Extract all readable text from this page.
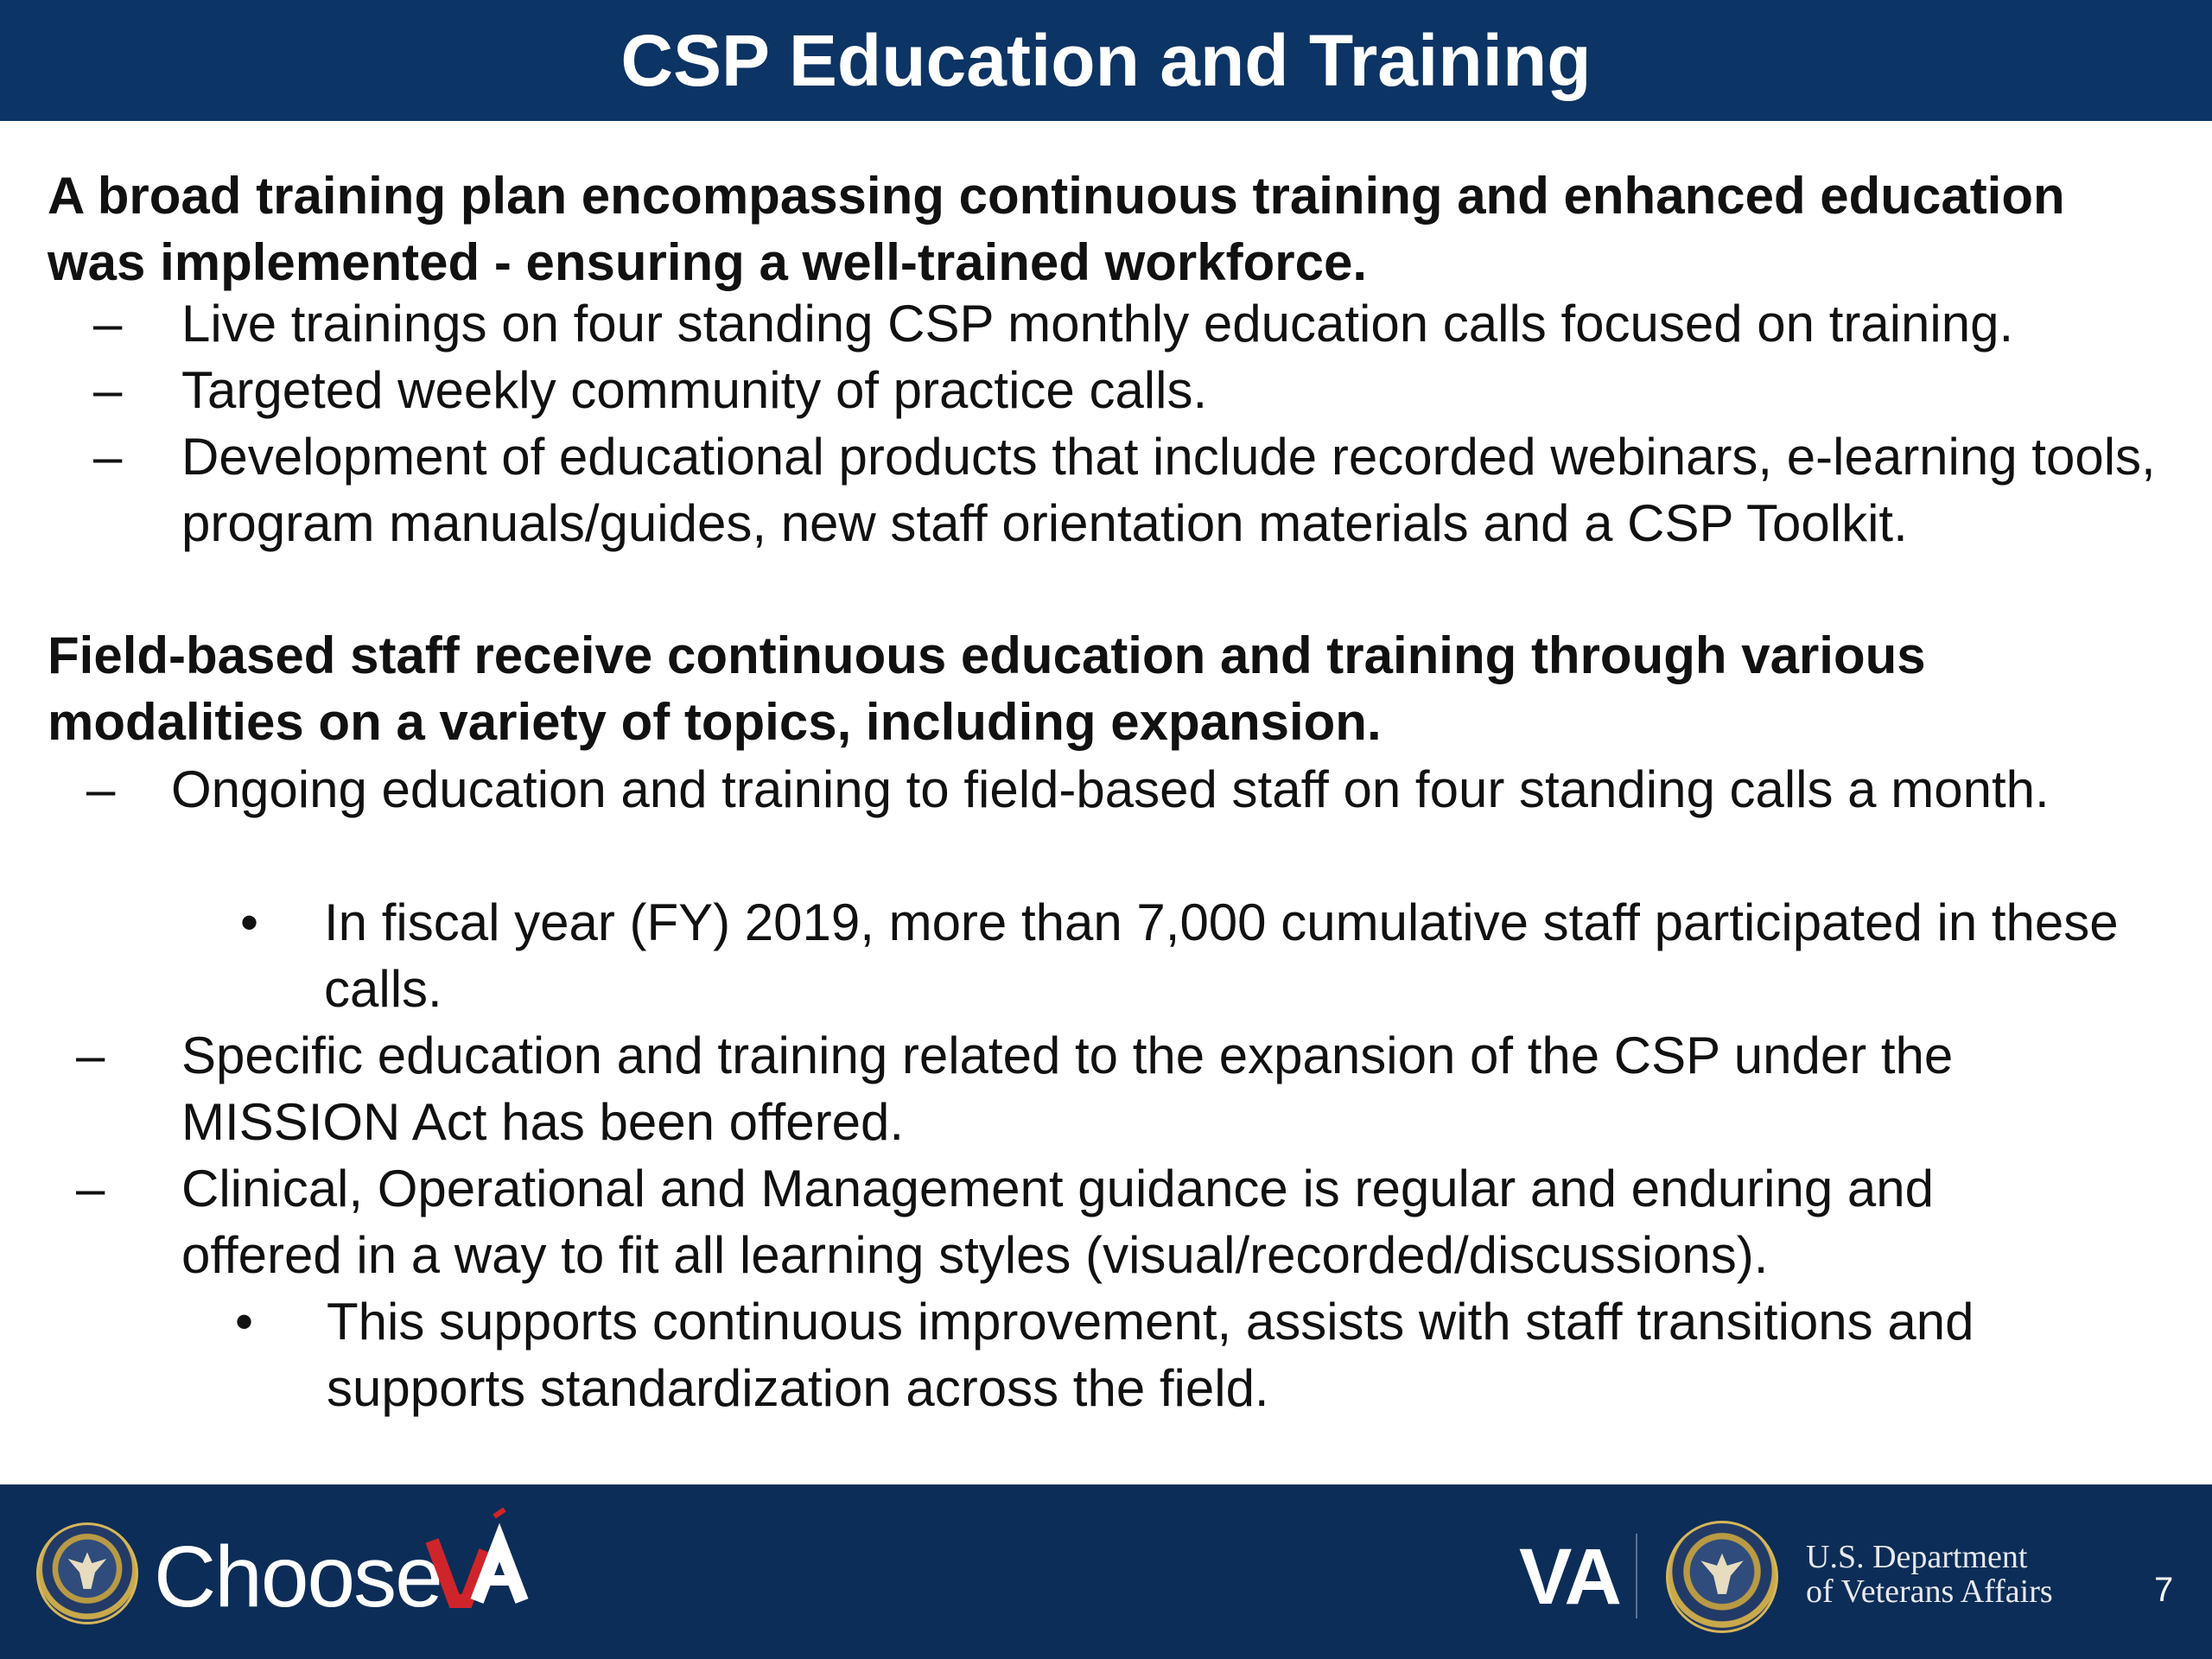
CSP Education and Training

A broad training plan encompassing continuous training and enhanced education was implemented - ensuring a well-trained workforce.

– Live trainings on four standing CSP monthly education calls focused on training.
– Targeted weekly community of practice calls.
– Development of educational products that include recorded webinars, e-learning tools, program manuals/guides, new staff orientation materials and a CSP Toolkit.

Field-based staff receive continuous education and training through various modalities on a variety of topics, including expansion.

– Ongoing education and training to field-based staff on four standing calls a month.
• In fiscal year (FY) 2019, more than 7,000 cumulative staff participated in these calls.
– Specific education and training related to the expansion of the CSP under the MISSION Act has been offered.
– Clinical, Operational and Management guidance is regular and enduring and offered in a way to fit all learning styles (visual/recorded/discussions).
• This supports continuous improvement, assists with staff transitions and supports standardization across the field.
Choose	VA	U.S. Department
of Veterans Affairs	7
